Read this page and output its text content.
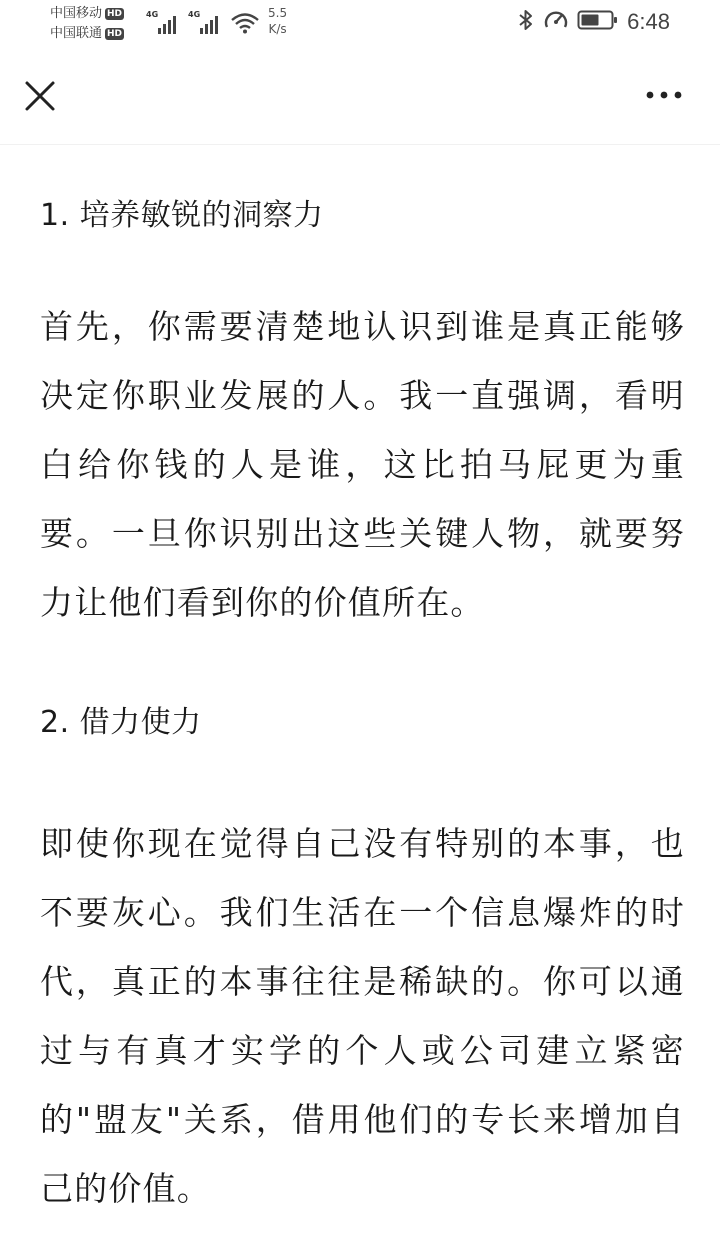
中国移动 HD
中国联通 HD
4G	4G	5.5
K/s	6:48
1. 培养敏锐的洞察力

首先，你需要清楚地认识到谁是真正能够决定你职业发展的人。我一直强调，看明白给你钱的人是谁，这比拍马屁更为重要。一旦你识别出这些关键人物，就要努力让他们看到你的价值所在。

2. 借力使力

即使你现在觉得自己没有特别的本事，也不要灰心。我们生活在一个信息爆炸的时代，真正的本事往往是稀缺的。你可以通过与有真才实学的个人或公司建立紧密的"盟友"关系，借用他们的专长来增加自己的价值。
